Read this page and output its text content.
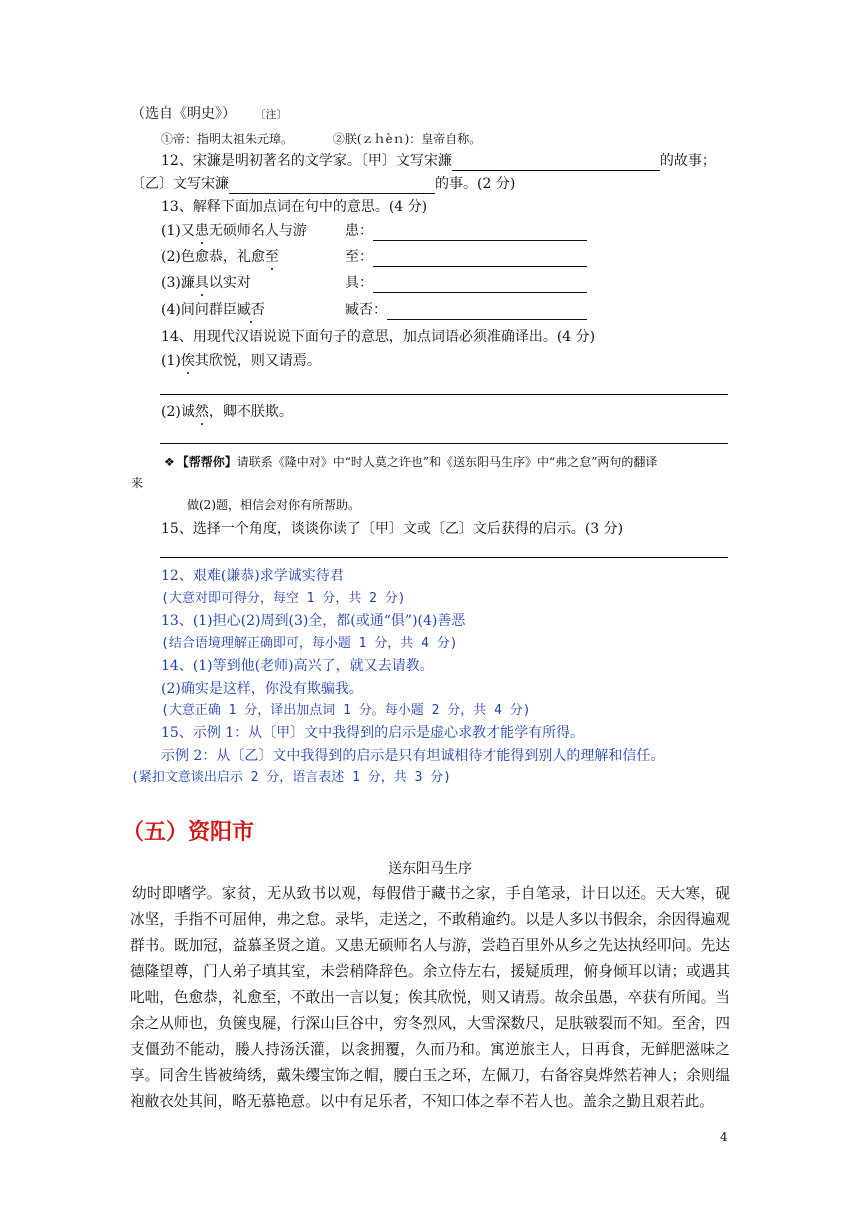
（选自《明史》） 〔注〕
①帝：指明太祖朱元璋。	②朕(ｚｈèｎ)：皇帝自称。
12、宋濂是明初著名的文学家。〔甲〕文写宋濂	的故事；
〔乙〕文写宋濂	的事。(2 分)
13、解释下面加点词在句中的意思。(4 分)
(1)又患无硕师名人与游	患：
(2)色愈恭，礼愈至	至：
(3)濂具以实对	具：
(4)间问群臣臧否	臧否：
14、用现代汉语说说下面句子的意思，加点词语必须准确译出。(4 分)
(1)俟其欣悦，则又请焉。
(2)诚然，卿不朕欺。
❖ 【帮帮你】请联系《隆中对》中“时人莫之许也”和《送东阳马生序》中“弗之怠”两句的翻译
来
做(2)题，相信会对你有所帮助。
15、选择一个角度，谈谈你读了〔甲〕文或〔乙〕文后获得的启示。(3 分)
12、艰难(谦恭)求学诚实待君
(大意对即可得分，每空 1 分，共 2 分)
13、(1)担心(2)周到(3)全，都(或通“俱”)(4)善恶
(结合语境理解正确即可，每小题 1 分，共 4 分)
14、(1)等到他(老师)高兴了，就又去请教。
(2)确实是这样，你没有欺骗我。
(大意正确 1 分，译出加点词 1 分。每小题 2 分，共 4 分)
15、示例 1：从〔甲〕文中我得到的启示是虚心求教才能学有所得。
示例 2：从〔乙〕文中我得到的启示是只有坦诚相待才能得到别人的理解和信任。
(紧扣文意谈出启示 2 分，语言表述 1 分，共 3 分)
（五）资阳市
送东阳马生序
幼时即嗜学。家贫，无从致书以观，每假借于藏书之家，手自笔录，计日以还。天大寒，砚冰坚，手指不可屈伸，弗之怠。录毕，走送之，不敢稍逾约。以是人多以书假余，余因得遍观群书。既加冠，益慕圣贤之道。又患无硕师名人与游，尝趋百里外从乡之先达执经叩问。先达德隆望尊，门人弟子填其室，未尝稍降辞色。余立侍左右，援疑质理，俯身倾耳以请；或遇其叱咄，色愈恭，礼愈至，不敢出一言以复；俟其欣悦，则又请焉。故余虽愚，卒获有所闻。当余之从师也，负箧曳屣，行深山巨谷中，穷冬烈风，大雪深数尺，足肤皲裂而不知。至舍，四支僵劲不能动，媵人持汤沃灌，以衾拥覆，久而乃和。寓逆旅主人，日再食，无鲜肥滋味之享。同舍生皆被绮绣，戴朱缨宝饰之帽，腰白玉之环，左佩刀，右备容臭烨然若神人；余则缊袍敝衣处其间，略无慕艳意。以中有足乐者，不知口体之奉不若人也。盖余之勤且艰若此。
4
